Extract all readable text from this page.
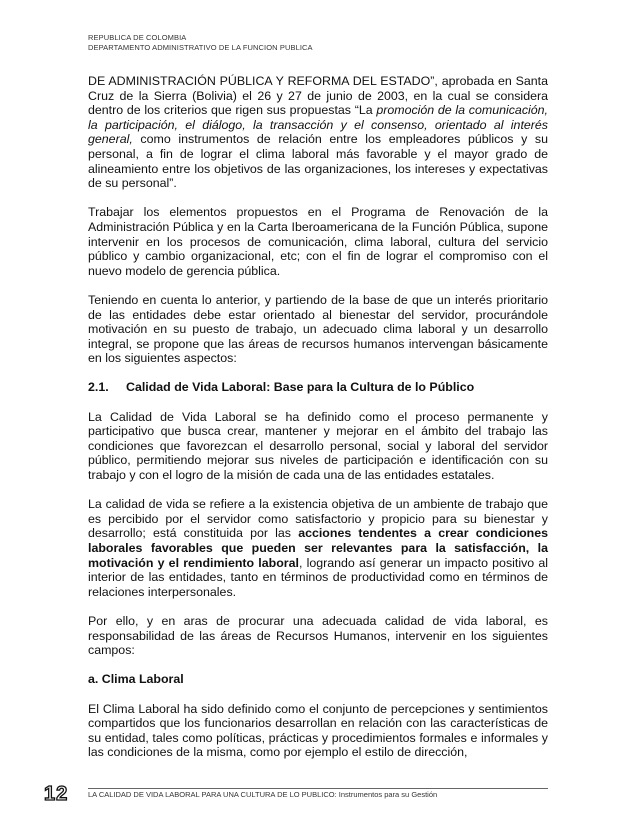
REPUBLICA DE COLOMBIA
DEPARTAMENTO ADMINISTRATIVO DE LA FUNCION PUBLICA

DE ADMINISTRACIÓN PÚBLICA Y REFORMA DEL ESTADO”, aprobada en Santa Cruz de la Sierra (Bolivia) el 26 y 27 de junio de 2003, en la cual se considera dentro de los criterios que rigen sus propuestas “La promoción de la comunicación, la participación, el diálogo, la transacción y el consenso, orientado al interés general, como instrumentos de relación entre los empleadores públicos y su personal, a fin de lograr el clima laboral más favorable y el mayor grado de alineamiento entre los objetivos de las organizaciones, los intereses y expectativas de su personal”.

Trabajar los elementos propuestos en el Programa de Renovación de la Administración Pública y en la Carta Iberoamericana de la Función Pública, supone intervenir en los procesos de comunicación, clima laboral, cultura del servicio público y cambio organizacional, etc; con el fin de lograr el compromiso con el nuevo modelo de gerencia pública.

Teniendo en cuenta lo anterior, y partiendo de la base de que un interés prioritario de las entidades debe estar orientado al bienestar del servidor, procurándole motivación en su puesto de trabajo, un adecuado clima laboral y un desarrollo integral, se propone que las áreas de recursos humanos intervengan básicamente en los siguientes aspectos:

2.1. Calidad de Vida Laboral: Base para la Cultura de lo Público

La Calidad de Vida Laboral se ha definido como el proceso permanente y participativo que busca crear, mantener y mejorar en el ámbito del trabajo las condiciones que favorezcan el desarrollo personal, social y laboral del servidor público, permitiendo mejorar sus niveles de participación e identificación con su trabajo y con el logro de la misión de cada una de las entidades estatales.

La calidad de vida se refiere a la existencia objetiva de un ambiente de trabajo que es percibido por el servidor como satisfactorio y propicio para su bienestar y desarrollo; está constituida por las acciones tendentes a crear condiciones laborales favorables que pueden ser relevantes para la satisfacción, la motivación y el rendimiento laboral, logrando así generar un impacto positivo al interior de las entidades, tanto en términos de productividad como en términos de relaciones interpersonales.

Por ello, y en aras de procurar una adecuada calidad de vida laboral, es responsabilidad de las áreas de Recursos Humanos, intervenir en los siguientes campos:

a. Clima Laboral

El Clima Laboral ha sido definido como el conjunto de percepciones y sentimientos compartidos que los funcionarios desarrollan en relación con las características de su entidad, tales como políticas, prácticas y procedimientos formales e informales y las condiciones de la misma, como por ejemplo el estilo de dirección,

12	LA CALIDAD DE VIDA LABORAL PARA UNA CULTURA DE LO PUBLICO: Instrumentos para su Gestión
